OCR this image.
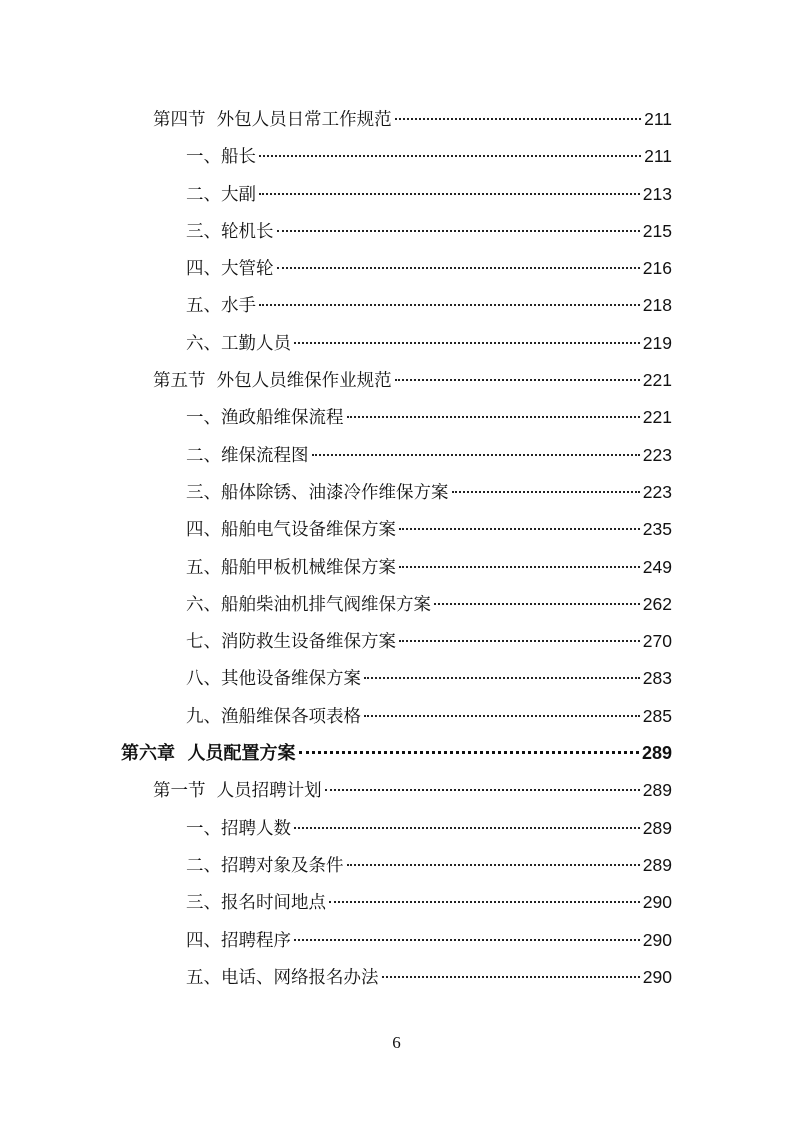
第四节  外包人员日常工作规范	211
一、船长	211
二、大副	213
三、轮机长	215
四、大管轮	216
五、水手	218
六、工勤人员	219
第五节  外包人员维保作业规范	221
一、渔政船维保流程	221
二、维保流程图	223
三、船体除锈、油漆冷作维保方案	223
四、船舶电气设备维保方案	235
五、船舶甲板机械维保方案	249
六、船舶柴油机排气阀维保方案	262
七、消防救生设备维保方案	270
八、其他设备维保方案	283
九、渔船维保各项表格	285
第六章  人员配置方案	289
第一节  人员招聘计划	289
一、招聘人数	289
二、招聘对象及条件	289
三、报名时间地点	290
四、招聘程序	290
五、电话、网络报名办法	290
6
